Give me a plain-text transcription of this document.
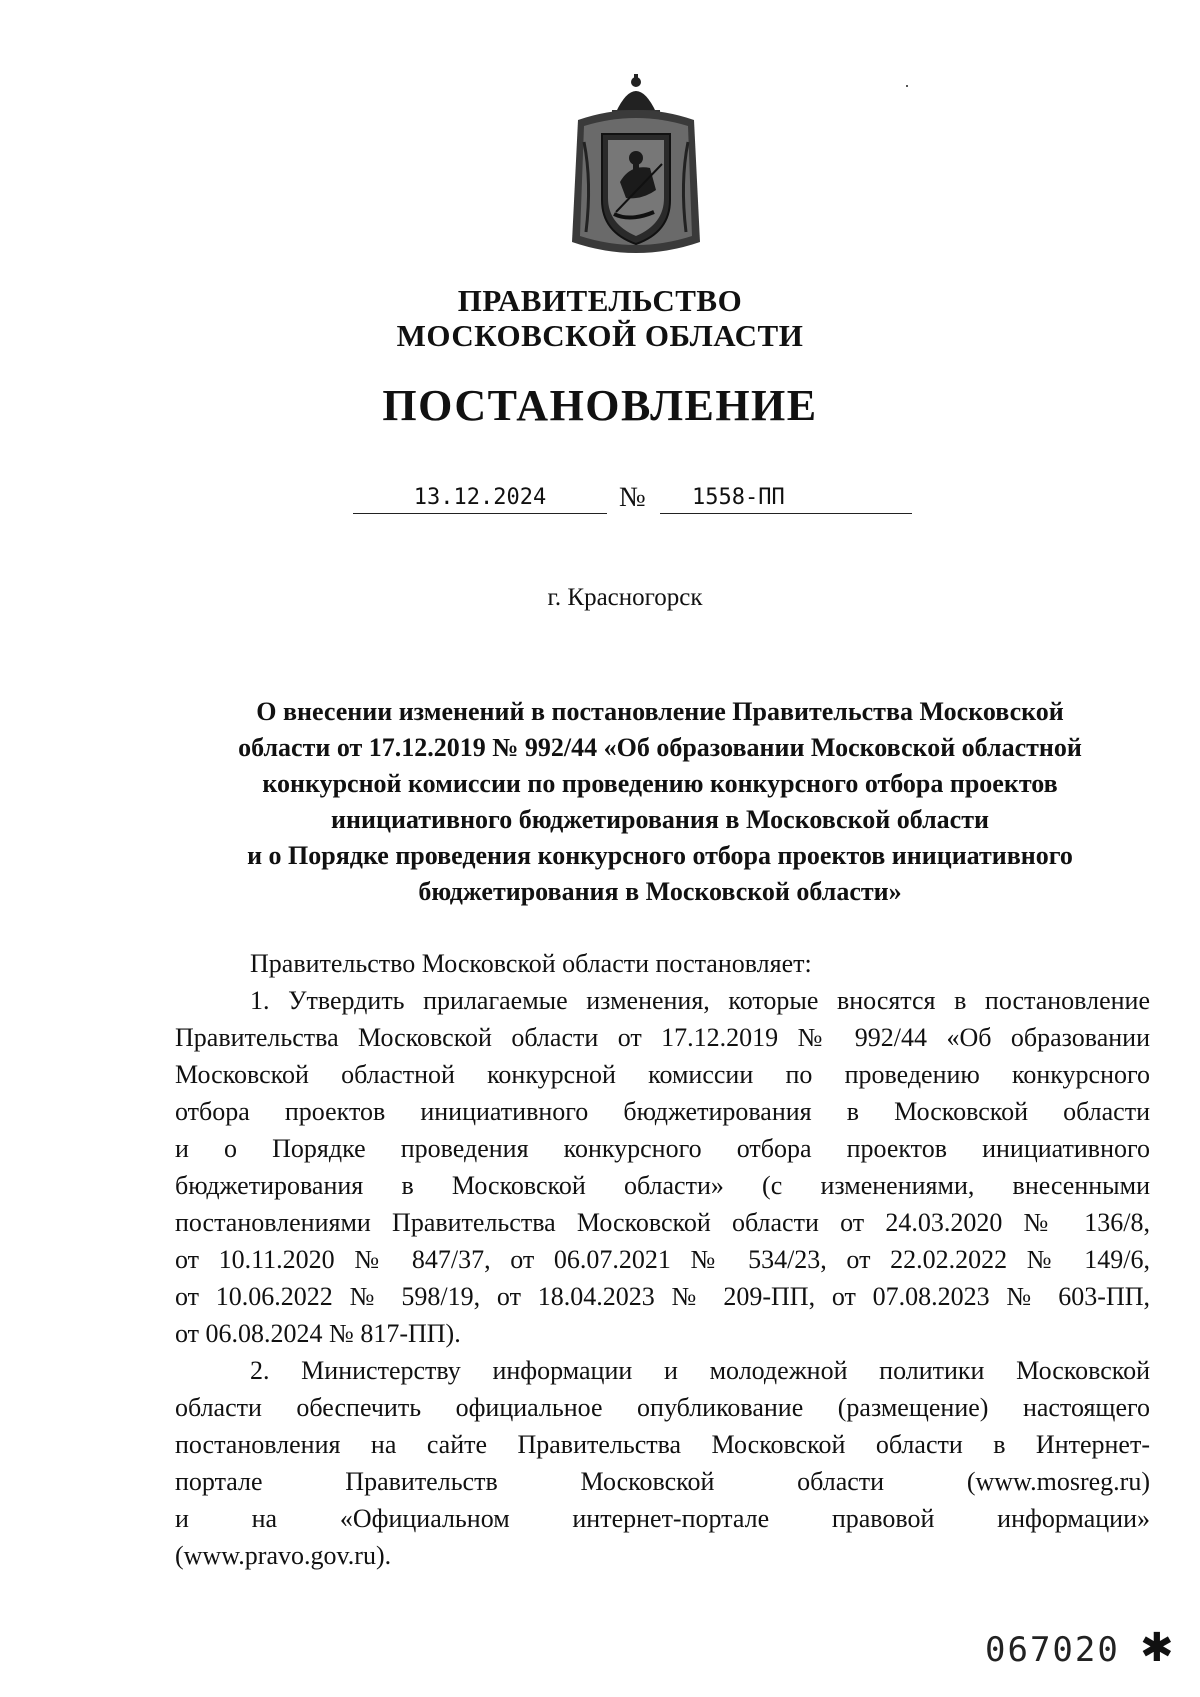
ПРАВИТЕЛЬСТВО
МОСКОВСКОЙ ОБЛАСТИ
ПОСТАНОВЛЕНИЕ
13.12.2024	№	1558-ПП
г. Красногорск
О внесении изменений в постановление Правительства Московской
области от 17.12.2019 № 992/44 «Об образовании Московской областной
конкурсной комиссии по проведению конкурсного отбора проектов
инициативного бюджетирования в Московской области
и о Порядке проведения конкурсного отбора проектов инициативного
бюджетирования в Московской области»

Правительство Московской области постановляет:

1. Утвердить прилагаемые изменения, которые вносятся в постановление
Правительства Московской области от 17.12.2019 № 992/44 «Об образовании
Московской областной конкурсной комиссии по проведению конкурсного
отбора проектов инициативного бюджетирования в Московской области
и о Порядке проведения конкурсного отбора проектов инициативного
бюджетирования в Московской области» (с изменениями, внесенными
постановлениями Правительства Московской области от 24.03.2020 № 136/8,
от 10.11.2020 № 847/37, от 06.07.2021 № 534/23, от 22.02.2022 № 149/6,
от 10.06.2022 № 598/19, от 18.04.2023 № 209-ПП, от 07.08.2023 № 603-ПП,
от 06.08.2024 № 817-ПП).
2. Министерству информации и молодежной политики Московской
области обеспечить официальное опубликование (размещение) настоящего
постановления на сайте Правительства Московской области в Интернет-
портале Правительств Московской области (www.mosreg.ru)
и на «Официальном интернет-портале правовой информации»
(www.pravo.gov.ru).
067020 ✱
